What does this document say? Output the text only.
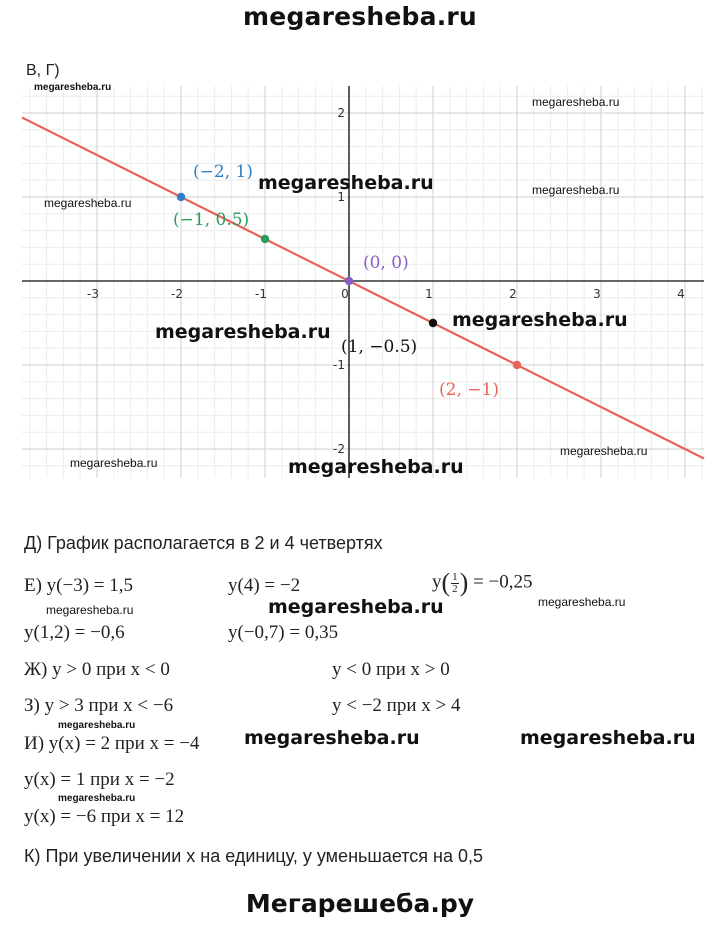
megaresheba.ru
В, Г)
-3	-2	-1	0	1	2	3	4
-2
-1
1
2
(−2, 1)
(−1, 0.5)
(0, 0)
(1, −0.5)
(2, −1)
megaresheba.ru
megaresheba.ru
megaresheba.ru	megaresheba.ru
megaresheba.ru
megaresheba.ru
megaresheba.ru
megaresheba.ru
megaresheba.ru	megaresheba.ru
Д) График располагается в 2 и 4 четвертях
Е) y(−3) = 1,5	y(4) = −2	$y( \frac{1}{2}$ ) = −0,25
megaresheba.ru	megaresheba.ru	megaresheba.ru
y(1,2) = −0,6	y(−0,7) = 0,35
Ж) y > 0 при x < 0	y < 0 при x > 0
З) y > 3 при x < −6	y < −2 при x > 4
megaresheba.ru
И) y(x) = 2 при x = −4 megaresheba.ru	megaresheba.ru
y(x) = 1 при x = −2
megaresheba.ru
y(x) = −6 при x = 12
К) При увеличении x на единицу, y уменьшается на 0,5
Мегарешеба.ру
